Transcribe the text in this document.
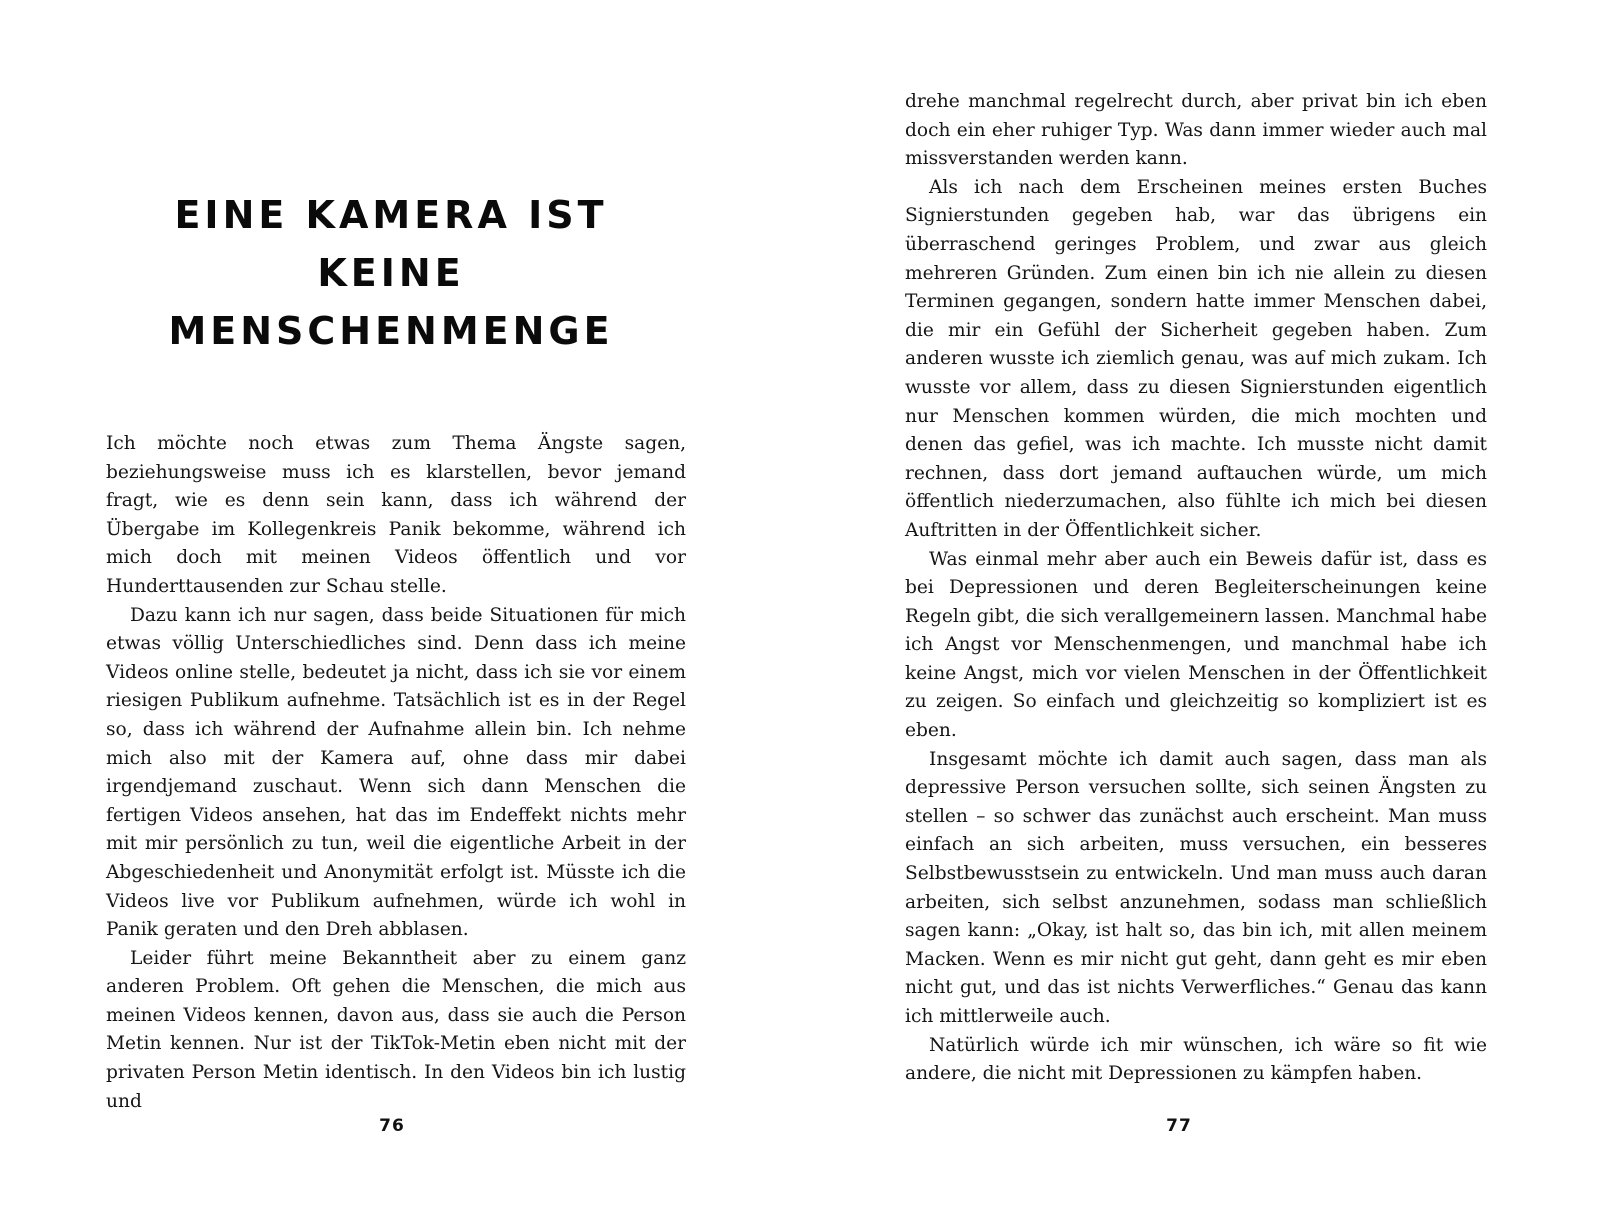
EINE KAMERA IST KEINE
MENSCHENMENGE

Ich möchte noch etwas zum Thema Ängste sagen, beziehungsweise muss ich es klarstellen, bevor jemand fragt, wie es denn sein kann, dass ich während der Übergabe im Kollegenkreis Panik bekomme, während ich mich doch mit meinen Videos öffentlich und vor Hunderttausenden zur Schau stelle.

Dazu kann ich nur sagen, dass beide Situationen für mich etwas völlig Unterschiedliches sind. Denn dass ich meine Videos online stelle, bedeutet ja nicht, dass ich sie vor einem riesigen Publikum aufnehme. Tatsächlich ist es in der Regel so, dass ich während der Aufnahme allein bin. Ich nehme mich also mit der Kamera auf, ohne dass mir dabei irgendjemand zuschaut. Wenn sich dann Menschen die fertigen Videos ansehen, hat das im Endeffekt nichts mehr mit mir persönlich zu tun, weil die eigentliche Arbeit in der Abgeschiedenheit und Anonymität erfolgt ist. Müsste ich die Videos live vor Publikum aufnehmen, würde ich wohl in Panik geraten und den Dreh abblasen.

Leider führt meine Bekanntheit aber zu einem ganz anderen Problem. Oft gehen die Menschen, die mich aus meinen Videos kennen, davon aus, dass sie auch die Person Metin kennen. Nur ist der TikTok-Metin eben nicht mit der privaten Person Metin identisch. In den Videos bin ich lustig und

76

drehe manchmal regelrecht durch, aber privat bin ich eben doch ein eher ruhiger Typ. Was dann immer wieder auch mal missverstanden werden kann.

Als ich nach dem Erscheinen meines ersten Buches Signierstunden gegeben hab, war das übrigens ein überraschend geringes Problem, und zwar aus gleich mehreren Gründen. Zum einen bin ich nie allein zu diesen Terminen gegangen, sondern hatte immer Menschen dabei, die mir ein Gefühl der Sicherheit gegeben haben. Zum anderen wusste ich ziemlich genau, was auf mich zukam. Ich wusste vor allem, dass zu diesen Signierstunden eigentlich nur Menschen kommen würden, die mich mochten und denen das gefiel, was ich machte. Ich musste nicht damit rechnen, dass dort jemand auftauchen würde, um mich öffentlich niederzumachen, also fühlte ich mich bei diesen Auftritten in der Öffentlichkeit sicher.

Was einmal mehr aber auch ein Beweis dafür ist, dass es bei Depressionen und deren Begleiterscheinungen keine Regeln gibt, die sich verallgemeinern lassen. Manchmal habe ich Angst vor Menschenmengen, und manchmal habe ich keine Angst, mich vor vielen Menschen in der Öffentlichkeit zu zeigen. So einfach und gleichzeitig so kompliziert ist es eben.

Insgesamt möchte ich damit auch sagen, dass man als depressive Person versuchen sollte, sich seinen Ängsten zu stellen – so schwer das zunächst auch erscheint. Man muss einfach an sich arbeiten, muss versuchen, ein besseres Selbstbewusstsein zu entwickeln. Und man muss auch daran arbeiten, sich selbst anzunehmen, sodass man schließlich sagen kann: „Okay, ist halt so, das bin ich, mit allen meinem Macken. Wenn es mir nicht gut geht, dann geht es mir eben nicht gut, und das ist nichts Verwerfliches.“ Genau das kann ich mittlerweile auch.

Natürlich würde ich mir wünschen, ich wäre so fit wie andere, die nicht mit Depressionen zu kämpfen haben.

77
